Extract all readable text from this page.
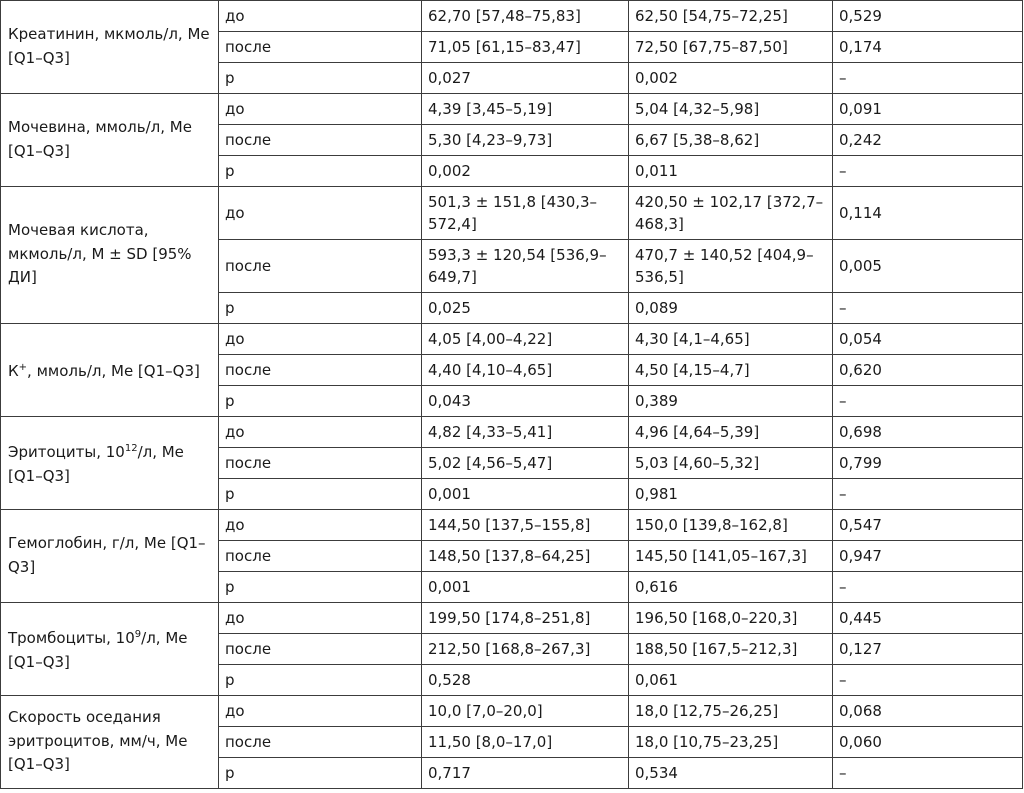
Креатинин, мкмоль/л, Ме [Q1–Q3]	до	62,70 [57,48–75,83]	62,50 [54,75–72,25]	0,529
	после	71,05 [61,15–83,47]	72,50 [67,75–87,50]	0,174
	р	0,027	0,002	–
Мочевина, ммоль/л, Ме [Q1–Q3]	до	4,39 [3,45–5,19]	5,04 [4,32–5,98]	0,091
	после	5,30 [4,23–9,73]	6,67 [5,38–8,62]	0,242
	р	0,002	0,011	–
Мочевая кислота, мкмоль/л, М ± SD [95% ДИ]	до	501,3 ± 151,8 [430,3–572,4]	420,50 ± 102,17 [372,7–468,3]	0,114
	после	593,3 ± 120,54 [536,9–649,7]	470,7 ± 140,52 [404,9–536,5]	0,005
	р	0,025	0,089	–
К+, ммоль/л, Ме [Q1–Q3]	до	4,05 [4,00–4,22]	4,30 [4,1–4,65]	0,054
	после	4,40 [4,10–4,65]	4,50 [4,15–4,7]	0,620
	р	0,043	0,389	–
Эритоциты, $10^{12}/л$, Ме [Q1–Q3]	до	4,82 [4,33–5,41]	4,96 [4,64–5,39]	0,698
	после	5,02 [4,56–5,47]	5,03 [4,60–5,32]	0,799
	р	0,001	0,981	–
Гемоглобин, г/л, Ме [Q1–Q3]	до	144,50 [137,5–155,8]	150,0 [139,8–162,8]	0,547
	после	148,50 [137,8–64,25]	145,50 [141,05–167,3]	0,947
	р	0,001	0,616	–
Тромбоциты, $10^9/л$, Ме [Q1–Q3]	до	199,50 [174,8–251,8]	196,50 [168,0–220,3]	0,445
	после	212,50 [168,8–267,3]	188,50 [167,5–212,3]	0,127
	р	0,528	0,061	–
Скорость оседания эритроцитов, мм/ч, Ме [Q1–Q3]	до	10,0 [7,0–20,0]	18,0 [12,75–26,25]	0,068
	после	11,50 [8,0–17,0]	18,0 [10,75–23,25]	0,060
	р	0,717	0,534	–
